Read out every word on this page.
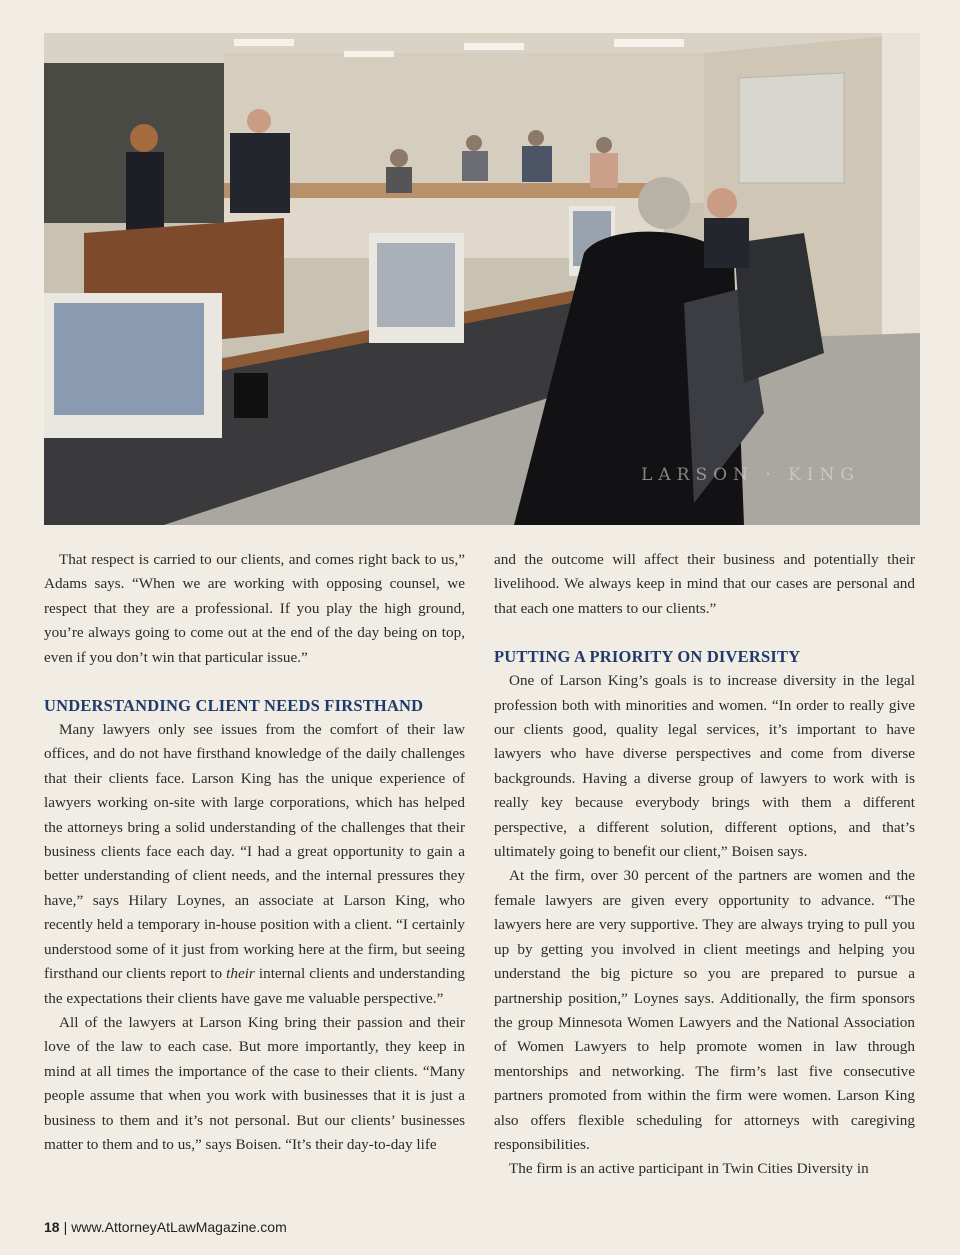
LARSON · KING

That respect is carried to our clients, and comes right back to us,” Adams says. “When we are working with opposing counsel, we respect that they are a professional. If you play the high ground, you’re always going to come out at the end of the day being on top, even if you don’t win that particular issue.”

UNDERSTANDING CLIENT NEEDS FIRSTHAND

Many lawyers only see issues from the comfort of their law offices, and do not have firsthand knowledge of the daily challenges that their clients face. Larson King has the unique experience of lawyers working on-site with large corporations, which has helped the attorneys bring a solid understanding of the challenges that their business clients face each day. “I had a great opportunity to gain a better understanding of client needs, and the internal pressures they have,” says Hilary Loynes, an associate at Larson King, who recently held a temporary in-house position with a client. “I certainly understood some of it just from working here at the firm, but seeing firsthand our clients report to their internal clients and understanding the expectations their clients have gave me valuable perspective.”

All of the lawyers at Larson King bring their passion and their love of the law to each case. But more importantly, they keep in mind at all times the importance of the case to their clients. “Many people assume that when you work with businesses that it is just a business to them and it’s not personal. But our clients’ businesses matter to them and to us,” says Boisen. “It’s their day-to-day life

and the outcome will affect their business and potentially their livelihood. We always keep in mind that our cases are personal and that each one matters to our clients.”

PUTTING A PRIORITY ON DIVERSITY

One of Larson King’s goals is to increase diversity in the legal profession both with minorities and women. “In order to really give our clients good, quality legal services, it’s important to have lawyers who have diverse perspectives and come from diverse backgrounds. Having a diverse group of lawyers to work with is really key because everybody brings with them a different perspective, a different solution, different options, and that’s ultimately going to benefit our client,” Boisen says.

At the firm, over 30 percent of the partners are women and the female lawyers are given every opportunity to advance. “The lawyers here are very supportive. They are always trying to pull you up by getting you involved in client meetings and helping you understand the big picture so you are prepared to pursue a partnership position,” Loynes says. Additionally, the firm sponsors the group Minnesota Women Lawyers and the National Association of Women Lawyers to help promote women in law through mentorships and networking. The firm’s last five consecutive partners promoted from within the firm were women. Larson King also offers flexible scheduling for attorneys with caregiving responsibilities.

The firm is an active participant in Twin Cities Diversity in

18 | www.AttorneyAtLawMagazine.com
